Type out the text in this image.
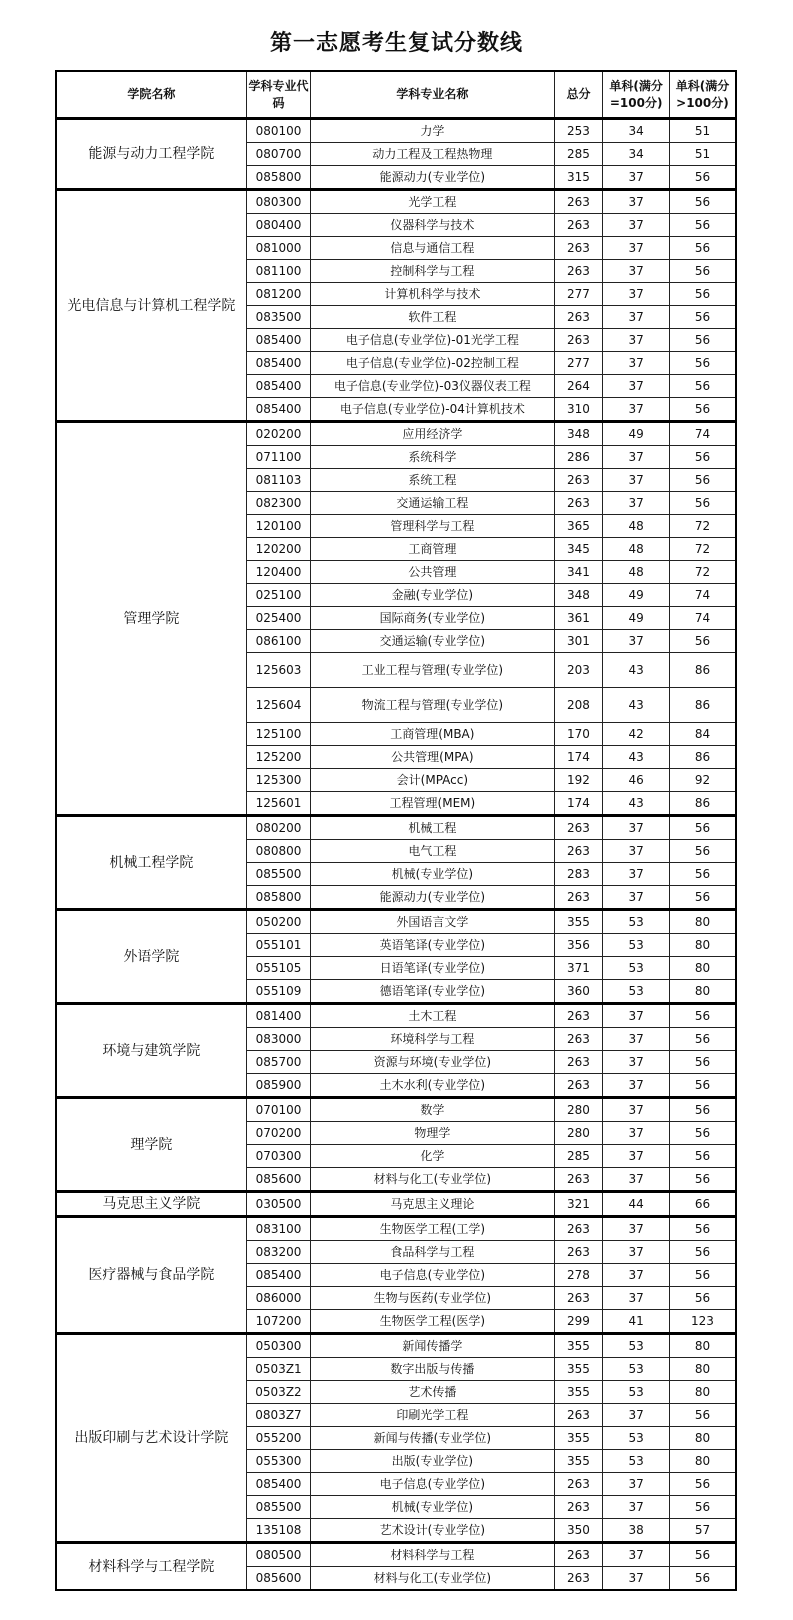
第一志愿考生复试分数线
学院名称	学科专业代码	学科专业名称	总分	单科(满分=100分)	单科(满分>100分)
能源与动力工程学院	080100	力学	253	34	51
	080700	动力工程及工程热物理	285	34	51
	085800	能源动力(专业学位)	315	37	56
光电信息与计算机工程学院	080300	光学工程	263	37	56
	080400	仪器科学与技术	263	37	56
	081000	信息与通信工程	263	37	56
	081100	控制科学与工程	263	37	56
	081200	计算机科学与技术	277	37	56
	083500	软件工程	263	37	56
	085400	电子信息(专业学位)-01光学工程	263	37	56
	085400	电子信息(专业学位)-02控制工程	277	37	56
	085400	电子信息(专业学位)-03仪器仪表工程	264	37	56
	085400	电子信息(专业学位)-04计算机技术	310	37	56
管理学院	020200	应用经济学	348	49	74
	071100	系统科学	286	37	56
	081103	系统工程	263	37	56
	082300	交通运输工程	263	37	56
	120100	管理科学与工程	365	48	72
	120200	工商管理	345	48	72
	120400	公共管理	341	48	72
	025100	金融(专业学位)	348	49	74
	025400	国际商务(专业学位)	361	49	74
	086100	交通运输(专业学位)	301	37	56
	125603	工业工程与管理(专业学位)	203	43	86
	125604	物流工程与管理(专业学位)	208	43	86
	125100	工商管理(MBA)	170	42	84
	125200	公共管理(MPA)	174	43	86
	125300	会计(MPAcc)	192	46	92
	125601	工程管理(MEM)	174	43	86
机械工程学院	080200	机械工程	263	37	56
	080800	电气工程	263	37	56
	085500	机械(专业学位)	283	37	56
	085800	能源动力(专业学位)	263	37	56
外语学院	050200	外国语言文学	355	53	80
	055101	英语笔译(专业学位)	356	53	80
	055105	日语笔译(专业学位)	371	53	80
	055109	德语笔译(专业学位)	360	53	80
环境与建筑学院	081400	土木工程	263	37	56
	083000	环境科学与工程	263	37	56
	085700	资源与环境(专业学位)	263	37	56
	085900	土木水利(专业学位)	263	37	56
理学院	070100	数学	280	37	56
	070200	物理学	280	37	56
	070300	化学	285	37	56
	085600	材料与化工(专业学位)	263	37	56
马克思主义学院	030500	马克思主义理论	321	44	66
医疗器械与食品学院	083100	生物医学工程(工学)	263	37	56
	083200	食品科学与工程	263	37	56
	085400	电子信息(专业学位)	278	37	56
	086000	生物与医药(专业学位)	263	37	56
	107200	生物医学工程(医学)	299	41	123
出版印刷与艺术设计学院	050300	新闻传播学	355	53	80
	0503Z1	数字出版与传播	355	53	80
	0503Z2	艺术传播	355	53	80
	0803Z7	印刷光学工程	263	37	56
	055200	新闻与传播(专业学位)	355	53	80
	055300	出版(专业学位)	355	53	80
	085400	电子信息(专业学位)	263	37	56
	085500	机械(专业学位)	263	37	56
	135108	艺术设计(专业学位)	350	38	57
材料科学与工程学院	080500	材料科学与工程	263	37	56
	085600	材料与化工(专业学位)	263	37	56
